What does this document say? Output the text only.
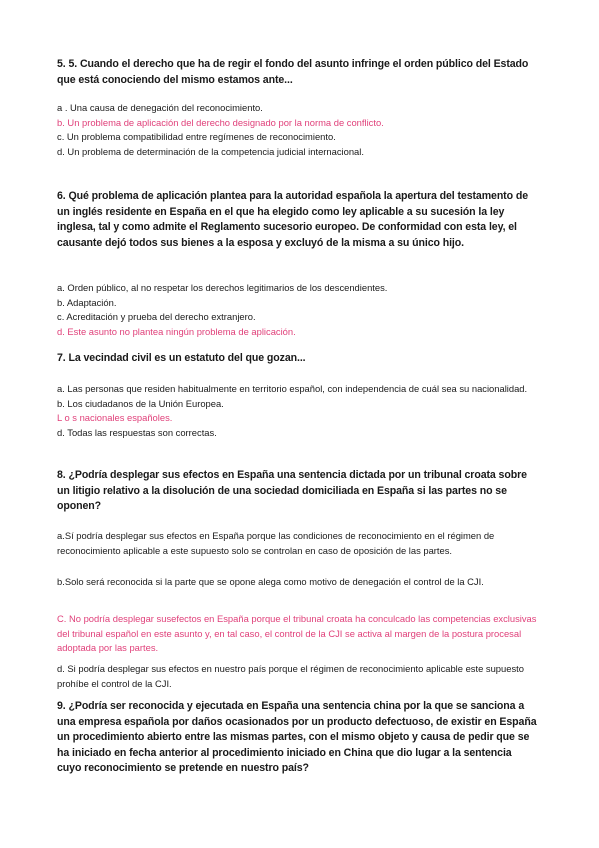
5. 5. Cuando el derecho que ha de regir el fondo del asunto infringe el orden público del Estado que está conociendo del mismo estamos ante...

a . Una causa de denegación del reconocimiento.

b. Un problema de aplicación del derecho designado por la norma de conflicto.

c. Un problema compatibilidad entre regímenes de reconocimiento.

d. Un problema de determinación de la competencia judicial internacional.

6. Qué problema de aplicación plantea para la autoridad española la apertura del testamento de un inglés residente en España en el que ha elegido como ley aplicable a su sucesión la ley inglesa, tal y como admite el Reglamento sucesorio europeo. De conformidad con esta ley, el causante dejó todos sus bienes a la esposa y excluyó de la misma a su único hijo.

a. Orden público, al no respetar los derechos legitimarios de los descendientes.

b. Adaptación.

c. Acreditación y prueba del derecho extranjero.

d. Este asunto no plantea ningún problema de aplicación.

7. La vecindad civil es un estatuto del que gozan...

a. Las personas que residen habitualmente en territorio español, con independencia de cuál sea su nacionalidad.

b. Los ciudadanos de la Unión Europea.

L o s nacionales españoles.

d. Todas las respuestas son correctas.

8. ¿Podría desplegar sus efectos en España una sentencia dictada por un tribunal croata sobre un litigio relativo a la disolución de una sociedad domiciliada en España si las partes no se oponen?

a.Sí podría desplegar sus efectos en España porque las condiciones de reconocimiento en el régimen de reconocimiento aplicable a este supuesto solo se controlan en caso de oposición de las partes.

b.Solo será reconocida si la parte que se opone alega como motivo de denegación el control de la CJI.

C. No podría desplegar susefectos en España porque el tribunal croata ha conculcado las competencias exclusivas del tribunal español en este asunto y, en tal caso, el control de la CJI se activa al margen de la postura procesal adoptada por las partes.

d. Si podría desplegar sus efectos en nuestro país porque el régimen de reconocimiento aplicable este supuesto prohíbe el control de la CJI.

9. ¿Podría ser reconocida y ejecutada en España una sentencia china por la que se sanciona a una empresa española por daños ocasionados por un producto defectuoso, de existir en España un procedimiento abierto entre las mismas partes, con el mismo objeto y causa de pedir que se ha iniciado en fecha anterior al procedimiento iniciado en China que dio lugar a la sentencia cuyo reconocimiento se pretende en nuestro país?
